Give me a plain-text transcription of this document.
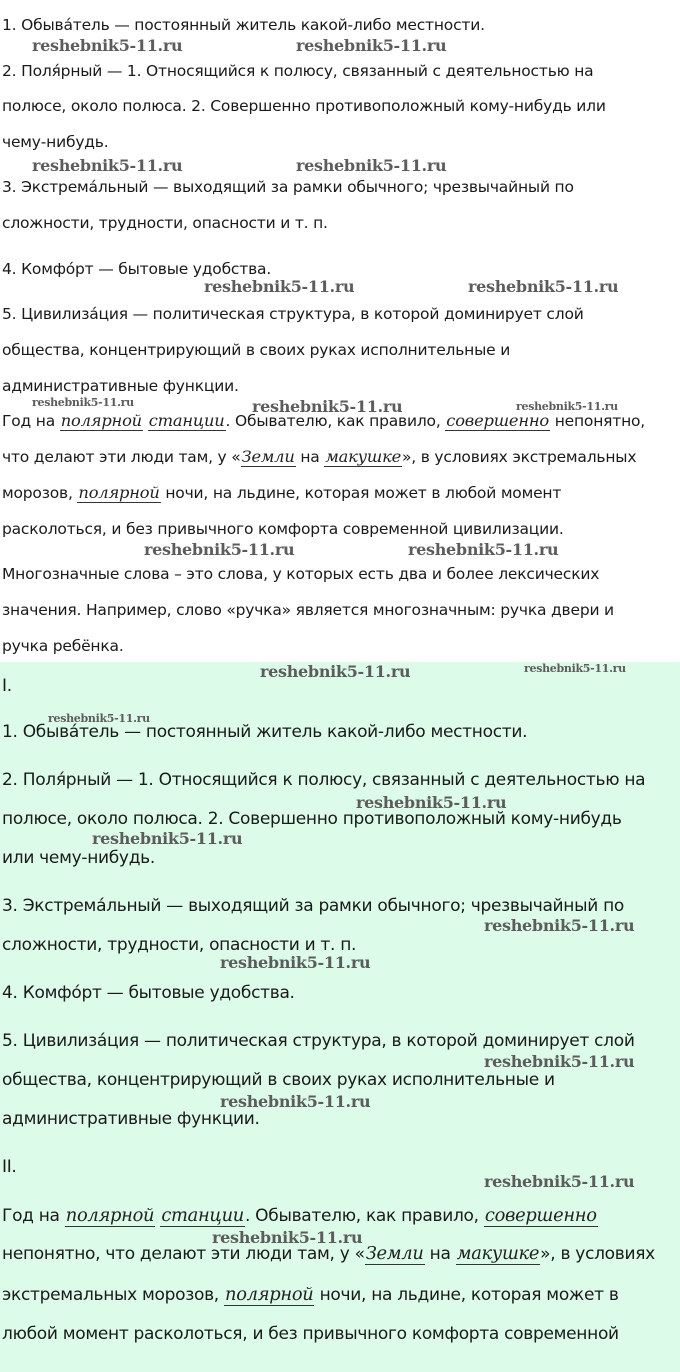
1. Обыва́тель — постоянный житель какой-либо местности.
2. Поля́рный — 1. Относящийся к полюсу, связанный с деятельностью на
полюсе, около полюса. 2. Совершенно противоположный кому-нибудь или
чему-нибудь.
3. Экстрема́льный — выходящий за рамки обычного; чрезвычайный по
сложности, трудности, опасности и т. п.
4. Комфо́рт — бытовые удобства.
5. Цивилиза́ция — политическая структура, в которой доминирует слой
общества, концентрирующий в своих руках исполнительные и
административные функции.
Год на полярной станции. Обывателю, как правило, совершенно непонятно,
что делают эти люди там, у «Земли на макушке», в условиях экстремальных
морозов, полярной ночи, на льдине, которая может в любой момент
расколоться, и без привычного комфорта современной цивилизации.
Многозначные слова – это слова, у которых есть два и более лексических
значения. Например, слово «ручка» является многозначным: ручка двери и
ручка ребёнка.
reshebnik5-11.ru	reshebnik5-11.ru
reshebnik5-11.ru	reshebnik5-11.ru
reshebnik5-11.ru	reshebnik5-11.ru
reshebnik5-11.ru	reshebnik5-11.ru	reshebnik5-11.ru
reshebnik5-11.ru	reshebnik5-11.ru
I.
1. Обыва́тель — постоянный житель какой-либо местности.
2. Поля́рный — 1. Относящийся к полюсу, связанный с деятельностью на
полюсе, около полюса. 2. Совершенно противоположный кому-нибудь
или чему-нибудь.
3. Экстрема́льный — выходящий за рамки обычного; чрезвычайный по
сложности, трудности, опасности и т. п.
4. Комфо́рт — бытовые удобства.
5. Цивилиза́ция — политическая структура, в которой доминирует слой
общества, концентрирующий в своих руках исполнительные и
административные функции.
II.
Год на полярной станции. Обывателю, как правило, совершенно
непонятно, что делают эти люди там, у «Земли на макушке», в условиях
экстремальных морозов, полярной ночи, на льдине, которая может в
любой момент расколоться, и без привычного комфорта современной
reshebnik5-11.ru	reshebnik5-11.ru
reshebnik5-11.ru
reshebnik5-11.ru
reshebnik5-11.ru
reshebnik5-11.ru
reshebnik5-11.ru
reshebnik5-11.ru
reshebnik5-11.ru
reshebnik5-11.ru
reshebnik5-11.ru
